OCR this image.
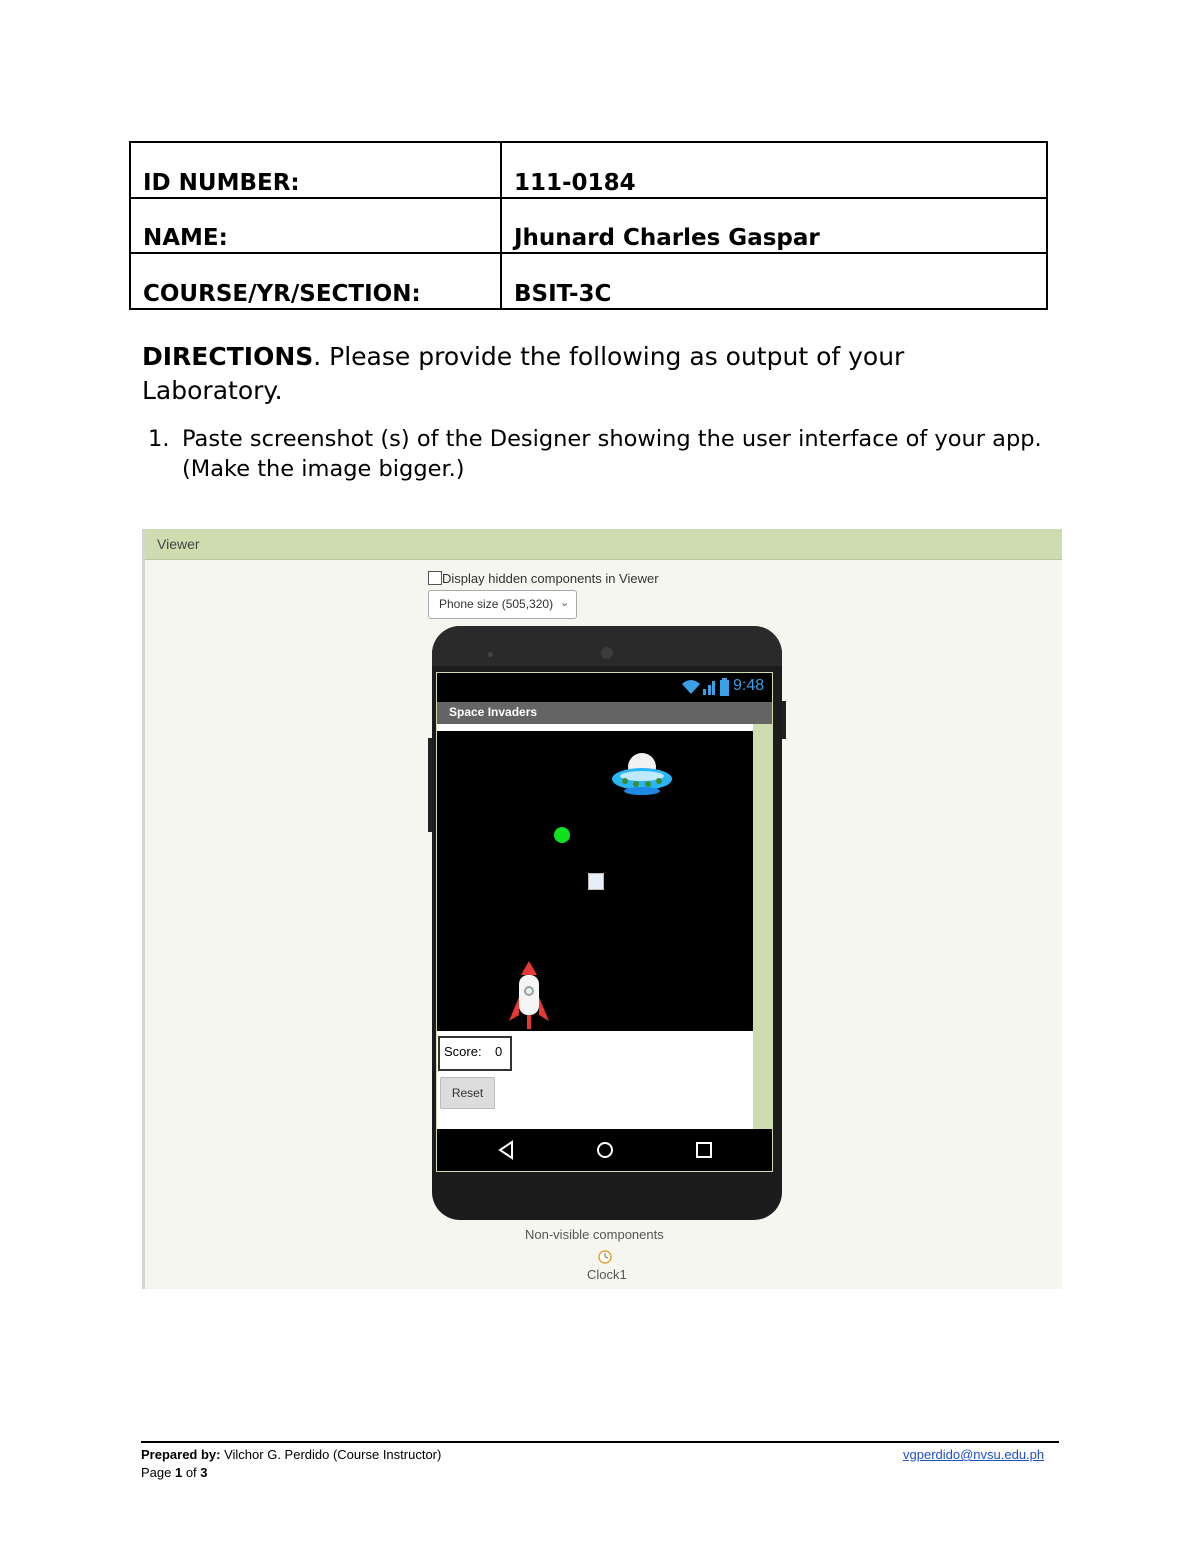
ID NUMBER:	111-0184
NAME:	Jhunard Charles Gaspar
COURSE/YR/SECTION:	BSIT-3C
DIRECTIONS. Please provide the following as output of your Laboratory.
1. Paste screenshot (s) of the Designer showing the user interface of your app. (Make the image bigger.)
Viewer
Display hidden components in Viewer
Phone size (505,320) ⌄
9:48
Space Invaders
Score: 0
Reset
Non-visible components
Clock1
Prepared by: Vilchor G. Perdido (Course Instructor)
Page 1 of 3
vgperdido@nvsu.edu.ph
